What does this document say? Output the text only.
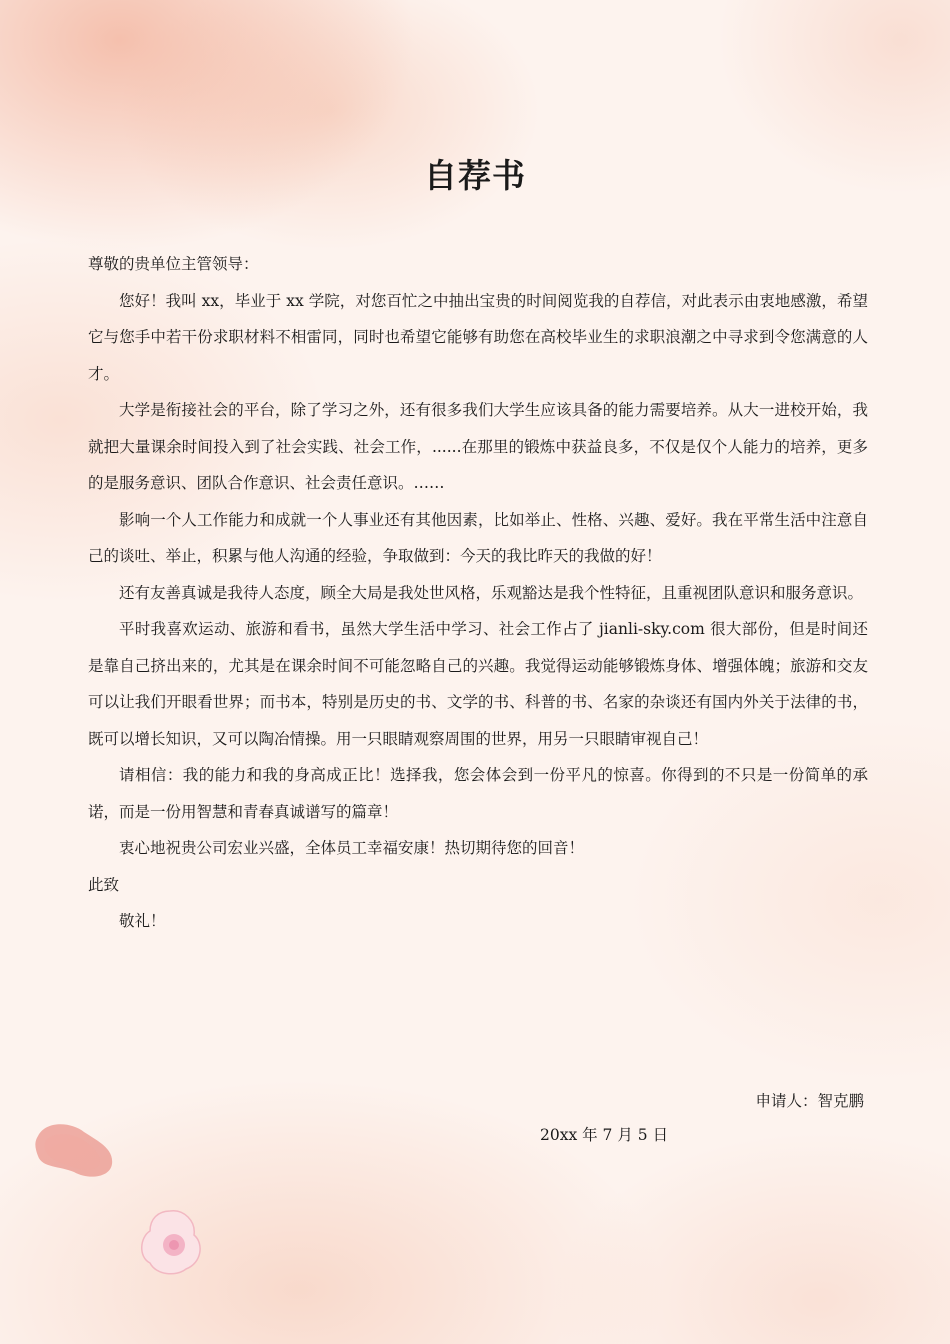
自荐书

尊敬的贵单位主管领导：

您好！我叫 xx，毕业于 xx 学院，对您百忙之中抽出宝贵的时间阅览我的自荐信，对此表示由衷地感激，希望它与您手中若干份求职材料不相雷同，同时也希望它能够有助您在高校毕业生的求职浪潮之中寻求到令您满意的人才。

大学是衔接社会的平台，除了学习之外，还有很多我们大学生应该具备的能力需要培养。从大一进校开始，我就把大量课余时间投入到了社会实践、社会工作，......在那里的锻炼中获益良多，不仅是仅个人能力的培养，更多的是服务意识、团队合作意识、社会责任意识。……

影响一个人工作能力和成就一个人事业还有其他因素，比如举止、性格、兴趣、爱好。我在平常生活中注意自己的谈吐、举止，积累与他人沟通的经验，争取做到：今天的我比昨天的我做的好！

还有友善真诚是我待人态度，顾全大局是我处世风格，乐观豁达是我个性特征，且重视团队意识和服务意识。

平时我喜欢运动、旅游和看书，虽然大学生活中学习、社会工作占了 jianli-sky.com 很大部份，但是时间还是靠自己挤出来的，尤其是在课余时间不可能忽略自己的兴趣。我觉得运动能够锻炼身体、增强体魄；旅游和交友可以让我们开眼看世界；而书本，特别是历史的书、文学的书、科普的书、名家的杂谈还有国内外关于法律的书，既可以增长知识，又可以陶冶情操。用一只眼睛观察周围的世界，用另一只眼睛审视自己！

请相信：我的能力和我的身高成正比！选择我，您会体会到一份平凡的惊喜。你得到的不只是一份简单的承诺，而是一份用智慧和青春真诚谱写的篇章！

衷心地祝贵公司宏业兴盛，全体员工幸福安康！热切期待您的回音！

此致

敬礼！

申请人：智克鹏

20xx 年 7 月 5 日
